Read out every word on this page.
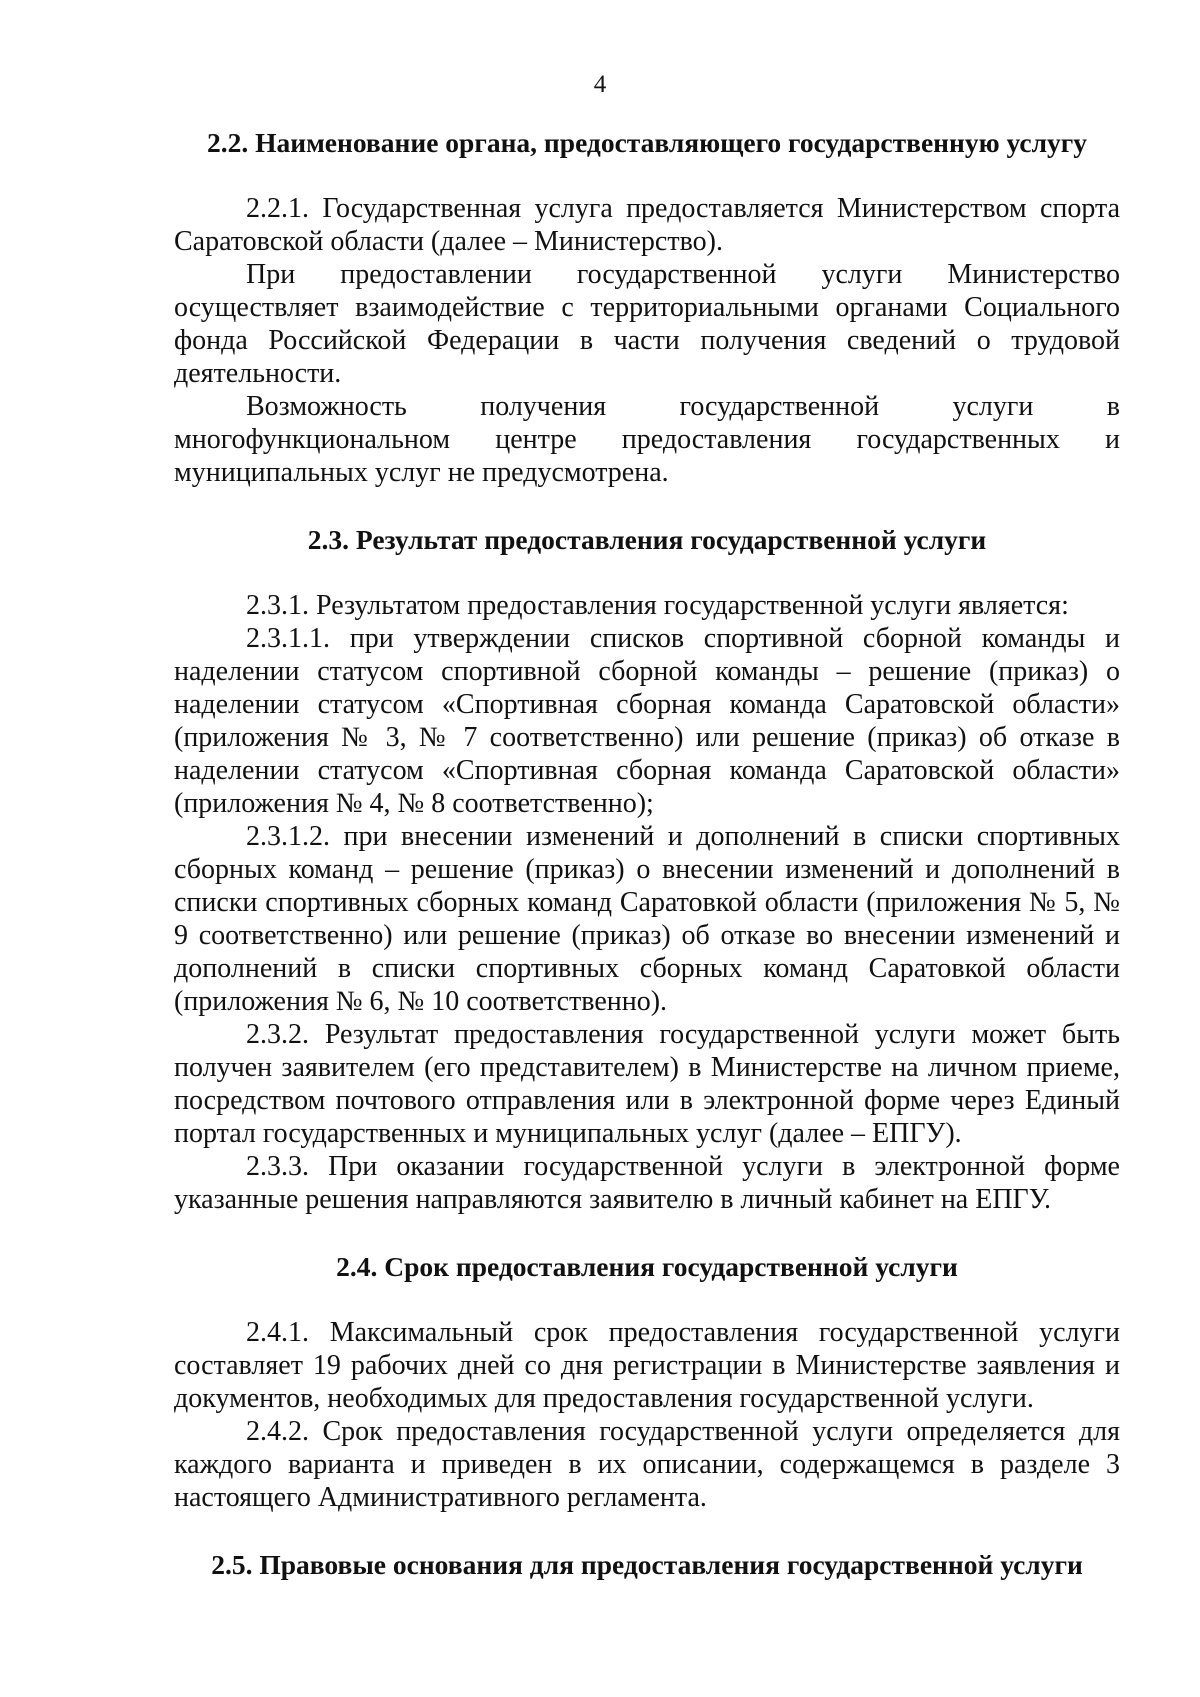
4
2.2. Наименование органа, предоставляющего государственную услугу

2.2.1. Государственная услуга предоставляется Министерством спорта Саратовской области (далее – Министерство).

При предоставлении государственной услуги Министерство осуществляет взаимодействие с территориальными органами Социального фонда Российской Федерации в части получения сведений о трудовой деятельности.

Возможность получения государственной услуги в многофункциональном центре предоставления государственных и муниципальных услуг не предусмотрена.

2.3. Результат предоставления государственной услуги

2.3.1. Результатом предоставления государственной услуги является:

2.3.1.1. при утверждении списков спортивной сборной команды и наделении статусом спортивной сборной команды – решение (приказ) о наделении статусом «Спортивная сборная команда Саратовской области» (приложения № 3, № 7 соответственно) или решение (приказ) об отказе в наделении статусом «Спортивная сборная команда Саратовской области» (приложения № 4, № 8 соответственно);

2.3.1.2. при внесении изменений и дополнений в списки спортивных сборных команд – решение (приказ) о внесении изменений и дополнений в списки спортивных сборных команд Саратовкой области (приложения № 5, № 9 соответственно) или решение (приказ) об отказе во внесении изменений и дополнений в списки спортивных сборных команд Саратовкой области (приложения № 6, № 10 соответственно).

2.3.2. Результат предоставления государственной услуги может быть получен заявителем (его представителем) в Министерстве на личном приеме, посредством почтового отправления или в электронной форме через Единый портал государственных и муниципальных услуг (далее – ЕПГУ).

2.3.3. При оказании государственной услуги в электронной форме указанные решения направляются заявителю в личный кабинет на ЕПГУ.

2.4. Срок предоставления государственной услуги

2.4.1. Максимальный срок предоставления государственной услуги составляет 19 рабочих дней со дня регистрации в Министерстве заявления и документов, необходимых для предоставления государственной услуги.

2.4.2. Срок предоставления государственной услуги определяется для каждого варианта и приведен в их описании, содержащемся в разделе 3 настоящего Административного регламента.

2.5. Правовые основания для предоставления государственной услуги
